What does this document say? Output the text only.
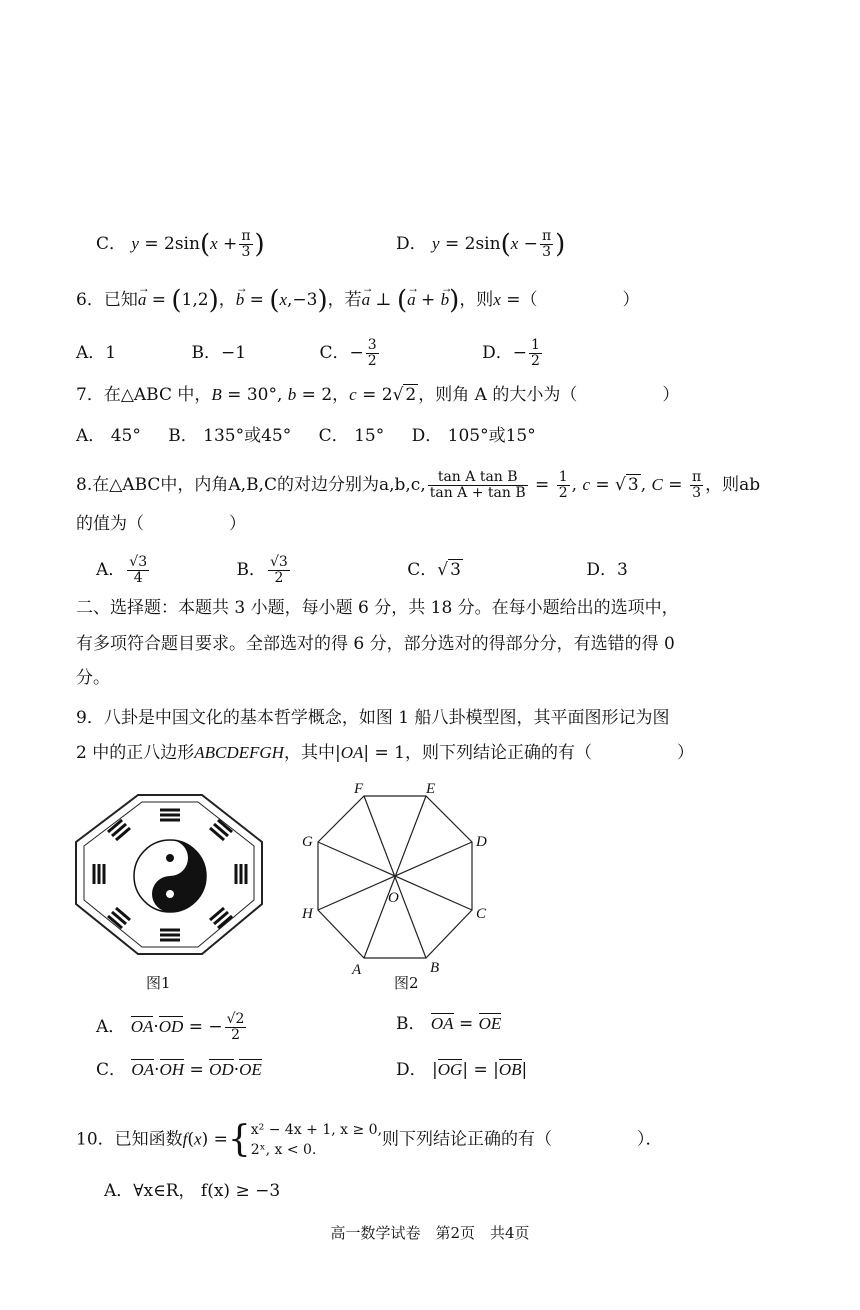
C． $y = 2\sin(x + \frac{\pi}{3}$ )	D． $y = 2\sin(x - \frac{\pi}{3}$ )
6．已知a → = (1,2)，b → = (x,−3)，若a → ⊥ (a → + b →)，则x =（　　　　　）
A．1	B．−1	C．− $\frac{3}{2}$	D．− $\frac{1}{2}$
7．在△ABC 中，B = 30°, b = 2，c = 2√ 2 ，则角 A 的大小为（　　　　　）
A． 45° B． 135°或45° C． 15° D． 105°或15°
8.在△ABC中，内角A,B,C的对边分别为a,b,c, $\frac{\text{tan A tan B}}{\text{tan A + tan B}} = \frac{1}{2}$ , c = √ 3 , $C = \frac{\pi}{3}$ ，则ab
的值为（　　　　　）
A． $\frac{√3}{4}$	B． $\frac{√3}{2}$	C．√ 3	D．3
二、选择题：本题共 3 小题，每小题 6 分，共 18 分。在每小题给出的选项中，
有多项符合题目要求。全部选对的得 6 分，部分选对的得部分分，有选错的得 0
分。
9．八卦是中国文化的基本哲学概念，如图 1 船八卦模型图，其平面图形记为图
2 中的正八边形ABCDEFGH，其中|OA| = 1，则下列结论正确的有（　　　　　）
图1
A	B
C
D
E
F
G
H
O
图2
A． OA·OD = − $\frac{√2}{2}$	B． OA = OE
C． OA·OH = OD·OE	D． |OG| = |OB|
10．已知函数f(x) ={ x² − 4x + 1, x ≥ 0,
2ˣ, x < 0.
则下列结论正确的有（　　　　　）．
A．∀x∈R， f(x) ≥ −3
高一数学试卷　第2页　共4页
